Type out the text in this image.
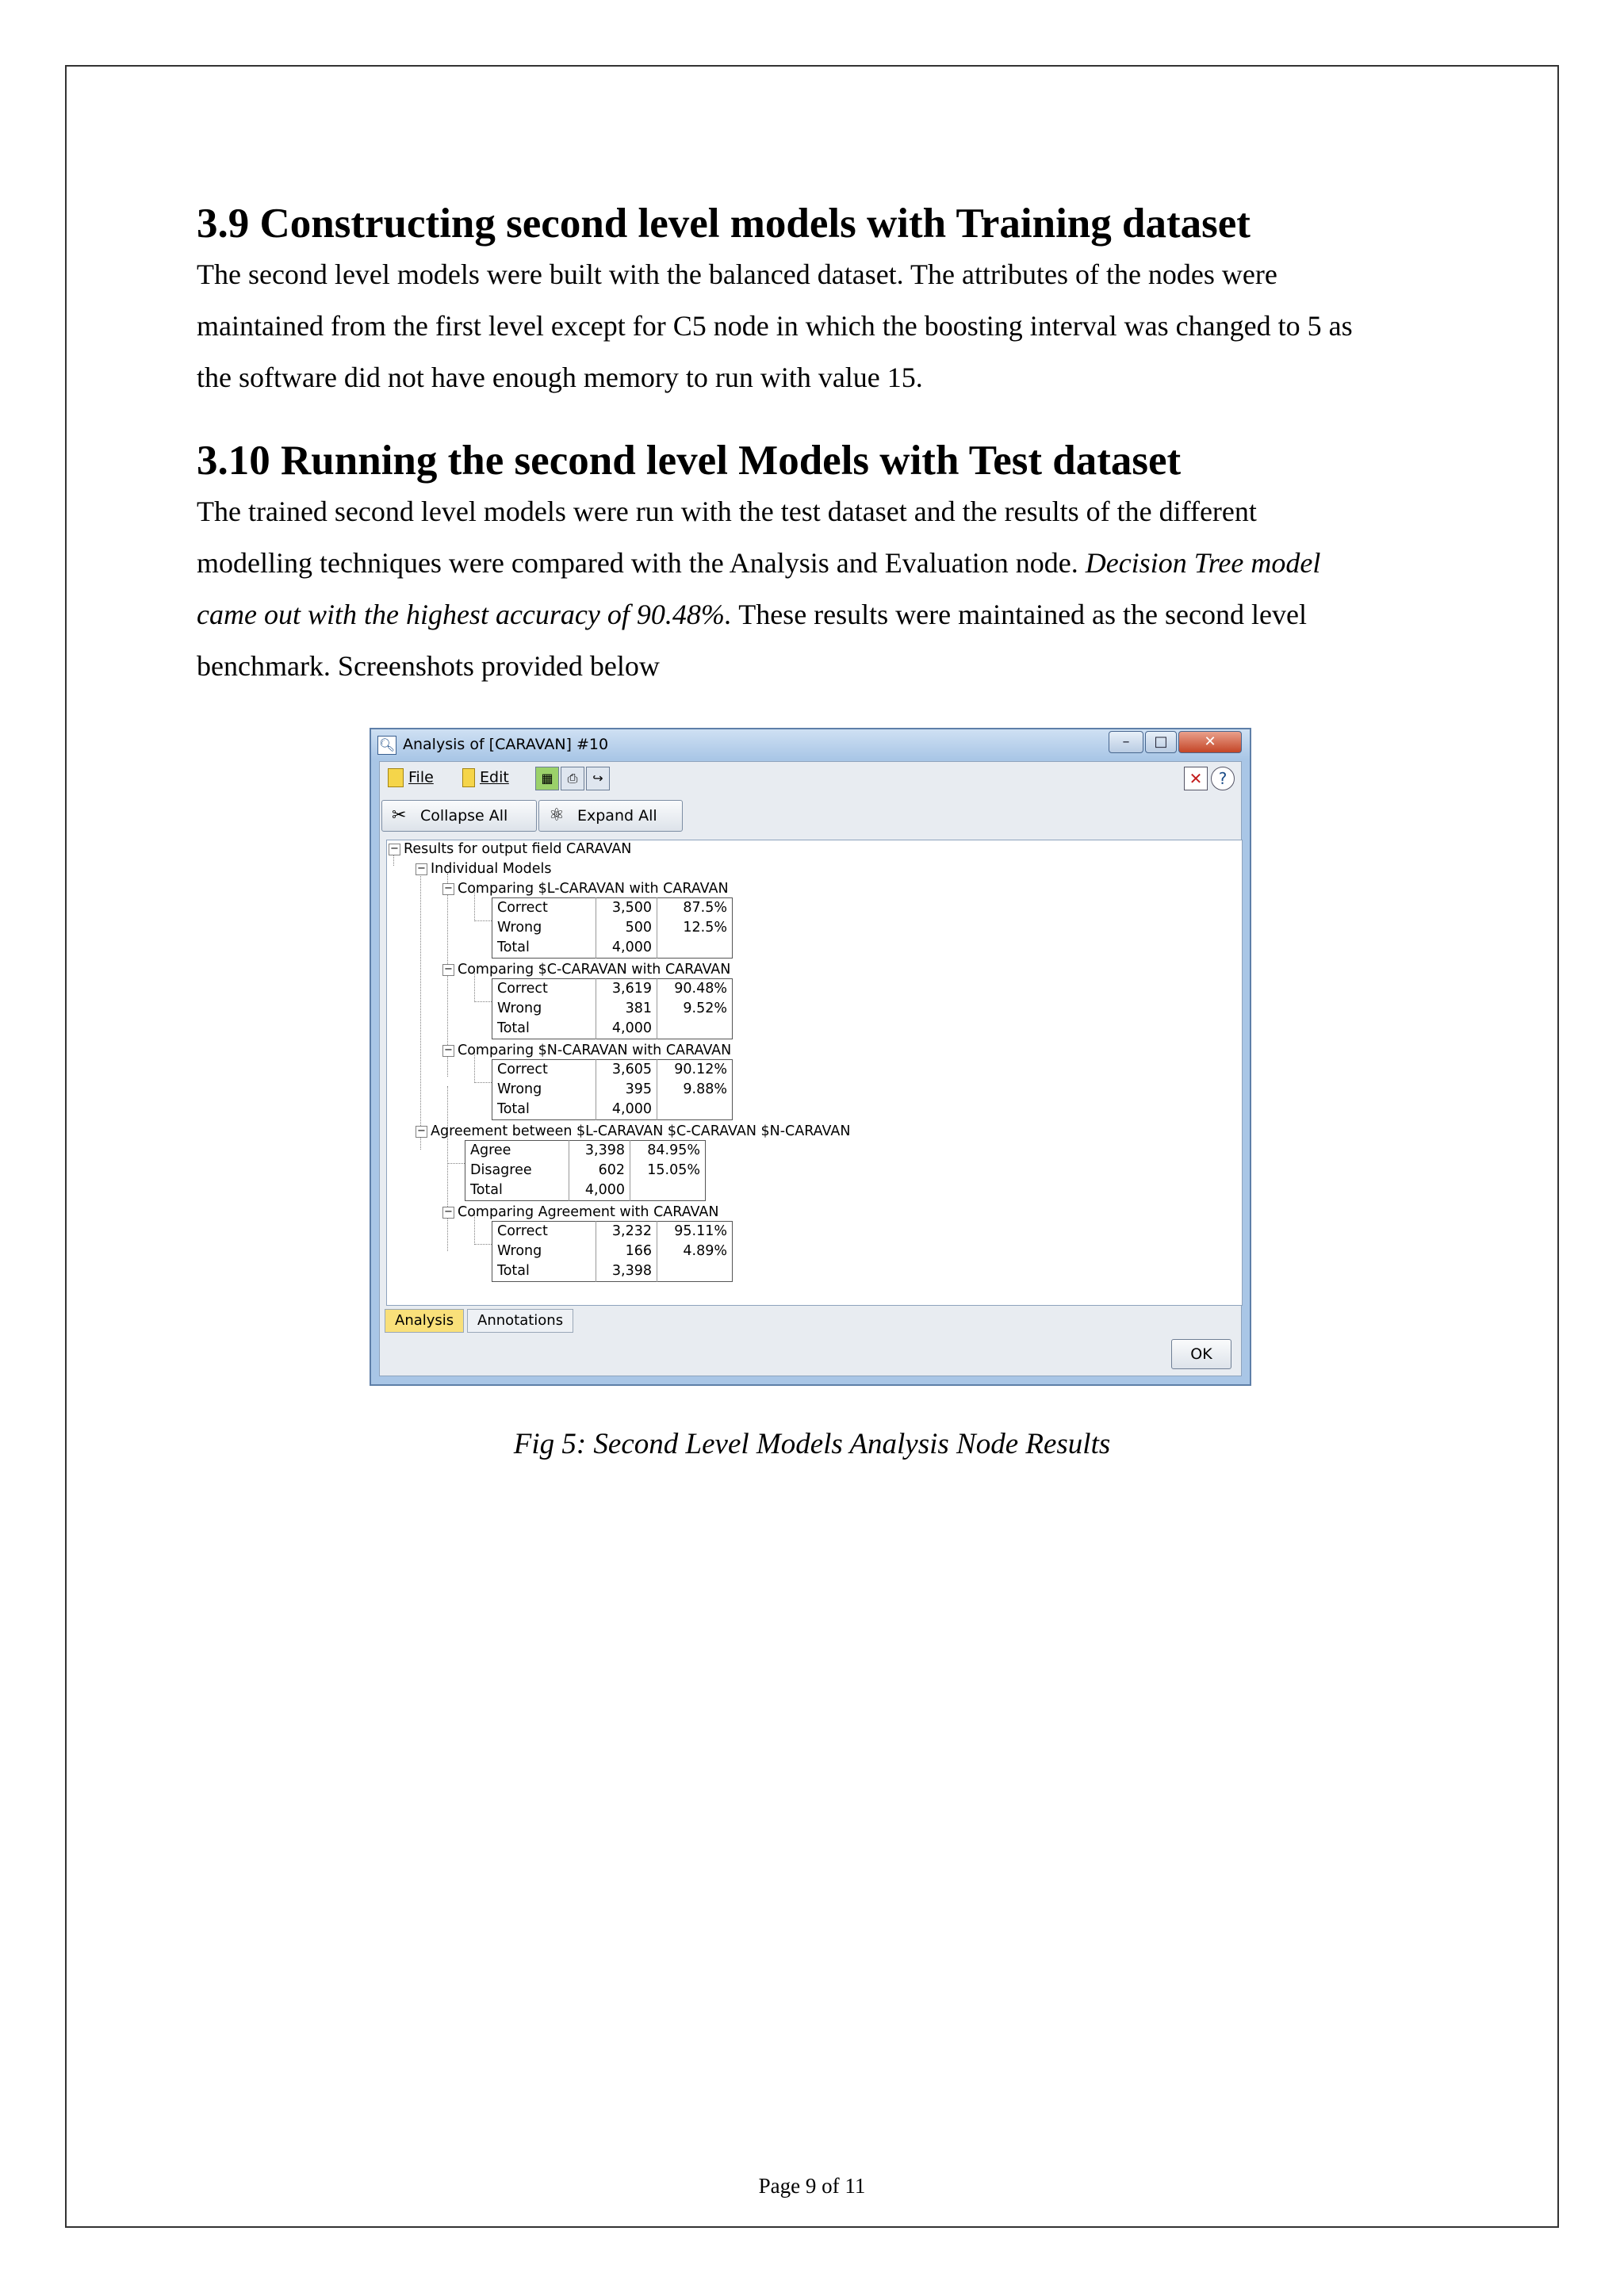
3.9 Constructing second level models with Training dataset

The second level models were built with the balanced dataset. The attributes of the nodes were

maintained from the first level except for C5 node in which the boosting interval was changed to 5 as

the software did not have enough memory to run with value 15.

3.10 Running the second level Models with Test dataset

The trained second level models were run with the test dataset and the results of the different

modelling techniques were compared with the Analysis and Evaluation node. Decision Tree model

came out with the highest accuracy of 90.48%. These results were maintained as the second level

benchmark. Screenshots provided below

🔍︎ Analysis of [CARAVAN] #10	–	□	✕
File	Edit	▦	⎙	↪	✕	?
✂ Collapse All	⚛ Expand All
− Results for output field CARAVAN
− Individual Models
− Comparing $L-CARAVAN with CARAVAN
Correct	3,500	87.5%
Wrong	500	12.5%
Total	4,000	
− Comparing $C-CARAVAN with CARAVAN
Correct	3,619	90.48%
Wrong	381	9.52%
Total	4,000	
− Comparing $N-CARAVAN with CARAVAN
Correct	3,605	90.12%
Wrong	395	9.88%
Total	4,000	
− Agreement between $L-CARAVAN $C-CARAVAN $N-CARAVAN
Agree	3,398	84.95%
Disagree	602	15.05%
Total	4,000	
− Comparing Agreement with CARAVAN
Correct	3,232	95.11%
Wrong	166	4.89%
Total	3,398	
Analysis	Annotations
OK
Fig 5: Second Level Models Analysis Node Results
Page 9 of 11
